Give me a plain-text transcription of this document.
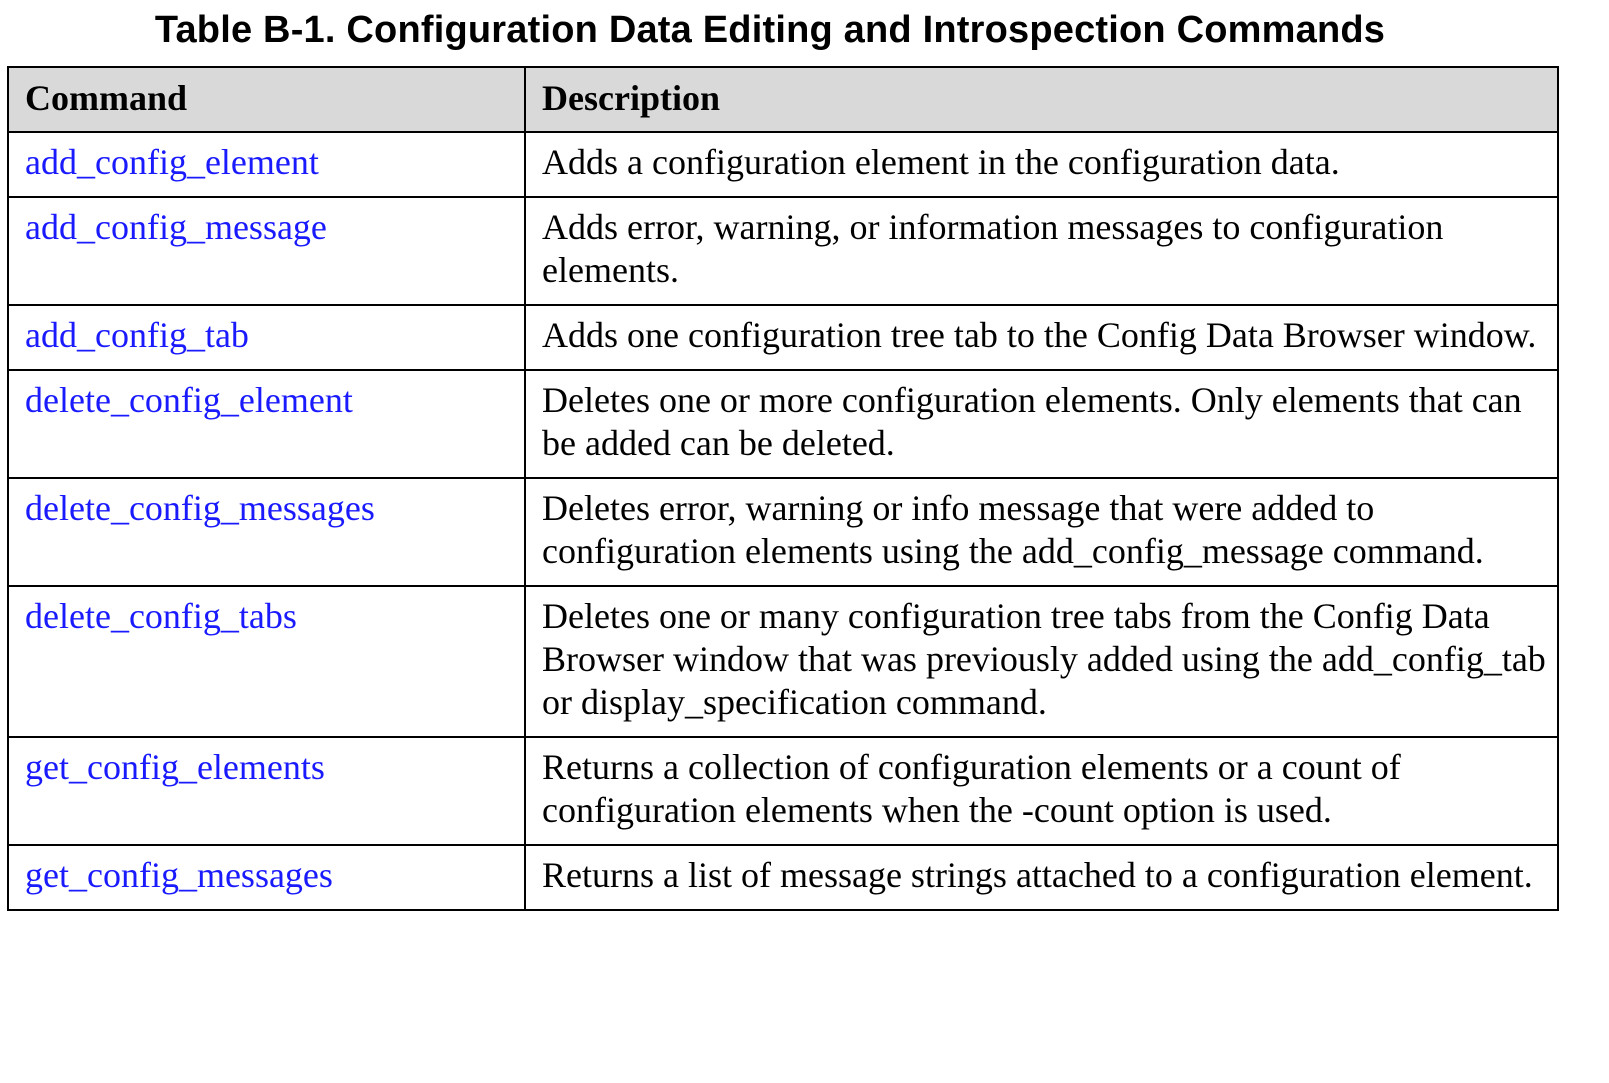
Table B-1. Configuration Data Editing and Introspection Commands
Command	Description
add_config_element	Adds a configuration element in the configuration data.
add_config_message	Adds error, warning, or information messages to configuration elements.
add_config_tab	Adds one configuration tree tab to the Config Data Browser window.
delete_config_element	Deletes one or more configuration elements. Only elements that can be added can be deleted.
delete_config_messages	Deletes error, warning or info message that were added to configuration elements using the add_config_message command.
delete_config_tabs	Deletes one or many configuration tree tabs from the Config Data Browser window that was previously added using the add_config_tab or display_specification command.
get_config_elements	Returns a collection of configuration elements or a count of configuration elements when the -count option is used.
get_config_messages	Returns a list of message strings attached to a configuration element.
